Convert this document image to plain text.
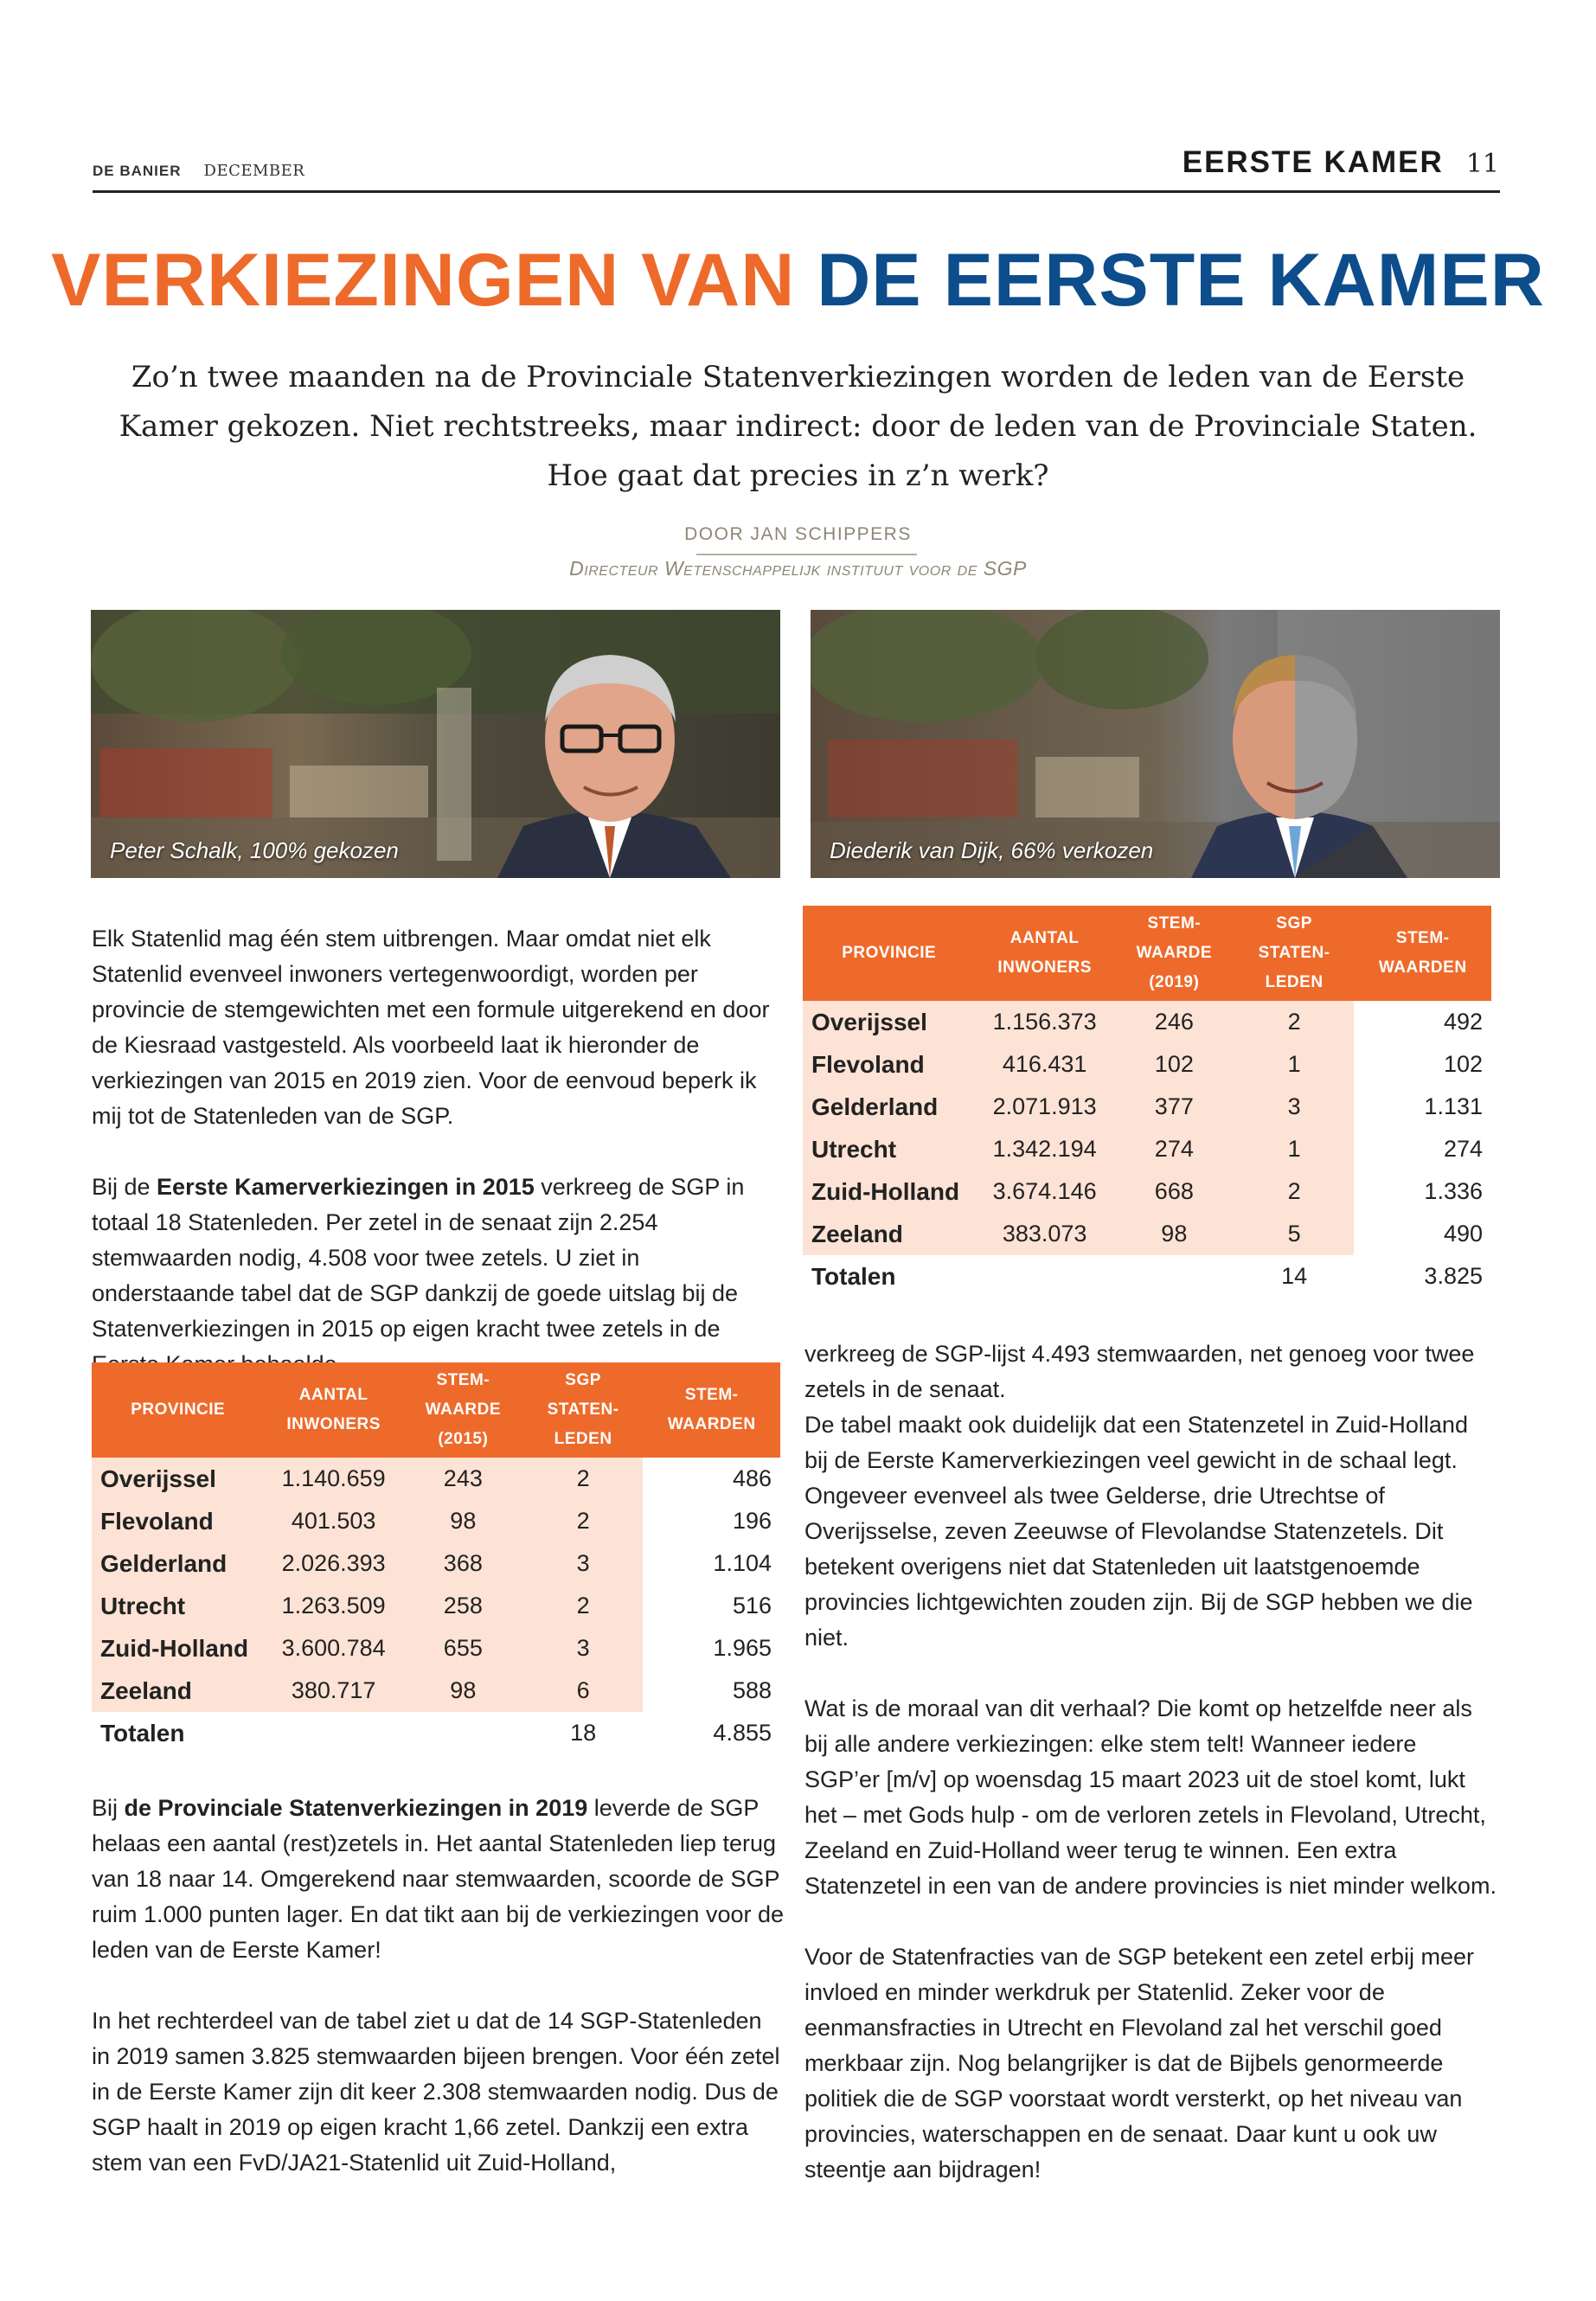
DE BANIER DECEMBER	EERSTE KAMER 11
VERKIEZINGEN VAN DE EERSTE KAMER
Zo’n twee maanden na de Provinciale Statenverkiezingen worden de leden van de Eerste Kamer gekozen. Niet rechtstreeks, maar indirect: door de leden van de Provinciale Staten. Hoe gaat dat precies in z’n werk?
DOOR JAN SCHIPPERS
Directeur Wetenschappelijk instituut voor de SGP
Peter Schalk, 100% gekozen	Diederik van Dijk, 66% verkozen

Elk Statenlid mag één stem uitbrengen. Maar omdat niet elk Statenlid evenveel inwoners vertegenwoordigt, worden per provincie de stemgewichten met een formule uitgerekend en door de Kiesraad vastgesteld. Als voorbeeld laat ik hieronder de verkiezingen van 2015 en 2019 zien. Voor de eenvoud beperk ik mij tot de Statenleden van de SGP.

Bij de Eerste Kamerverkiezingen in 2015 verkreeg de SGP in totaal 18 Statenleden. Per zetel in de senaat zijn 2.254 stemwaarden nodig, 4.508 voor twee zetels. U ziet in onderstaande tabel dat de SGP dankzij de goede uitslag bij de Statenverkiezingen in 2015 op eigen kracht twee zetels in de

PROVINCIE	AANTAL INWONERS	STEM-WAARDE (2015)	SGP STATEN-LEDEN	STEM-WAARDEN
Overijssel	1.140.659	243	2	486
Flevoland	401.503	98	2	196
Gelderland	2.026.393	368	3	1.104
Utrecht	1.263.509	258	2	516
Zuid-Holland	3.600.784	655	3	1.965
Zeeland	380.717	98	6	588
Totalen			18	4.855

Bij de Provinciale Statenverkiezingen in 2019 leverde de SGP helaas een aantal (rest)zetels in. Het aantal Statenleden liep terug van 18 naar 14. Omgerekend naar stemwaarden, scoorde de SGP ruim 1.000 punten lager. En dat tikt aan bij de verkiezingen voor de leden van de Eerste Kamer!

In het rechterdeel van de tabel ziet u dat de 14 SGP-Statenleden in 2019 samen 3.825 stemwaarden bijeen brengen. Voor één zetel in de Eerste Kamer zijn dit keer 2.308 stemwaarden nodig. Dus de SGP haalt in 2019 op eigen kracht 1,66 zetel. Dankzij een extra stem van een FvD/JA21-Statenlid uit Zuid-Holland,

PROVINCIE	AANTAL INWONERS	STEM-WAARDE (2019)	SGP STATEN-LEDEN	STEM-WAARDEN
Overijssel	1.156.373	246	2	492
Flevoland	416.431	102	1	102
Gelderland	2.071.913	377	3	1.131
Utrecht	1.342.194	274	1	274
Zuid-Holland	3.674.146	668	2	1.336
Zeeland	383.073	98	5	490
Totalen			14	3.825

verkreeg de SGP-lijst 4.493 stemwaarden, net genoeg voor twee zetels in de senaat.

De tabel maakt ook duidelijk dat een Statenzetel in Zuid-Holland bij de Eerste Kamerverkiezingen veel gewicht in de schaal legt. Ongeveer evenveel als twee Gelderse, drie Utrechtse of Overijsselse, zeven Zeeuwse of Flevolandse Statenzetels. Dit betekent overigens niet dat Statenleden uit laatstgenoemde provincies lichtgewichten zouden zijn. Bij de SGP hebben we die niet.

Wat is de moraal van dit verhaal? Die komt op hetzelfde neer als bij alle andere verkiezingen: elke stem telt! Wanneer iedere SGP’er [m/v] op woensdag 15 maart 2023 uit de stoel komt, lukt het – met Gods hulp - om de verloren zetels in Flevoland, Utrecht, Zeeland en Zuid-Holland weer terug te winnen. Een extra Statenzetel in een van de andere provincies is niet minder welkom.

Voor de Statenfracties van de SGP betekent een zetel erbij meer invloed en minder werkdruk per Statenlid. Zeker voor de eenmansfracties in Utrecht en Flevoland zal het verschil goed merkbaar zijn. Nog belangrijker is dat de Bijbels genormeerde politiek die de SGP voorstaat wordt versterkt, op het niveau van provincies, waterschappen en de senaat. Daar kunt u ook uw steentje aan bijdragen!
